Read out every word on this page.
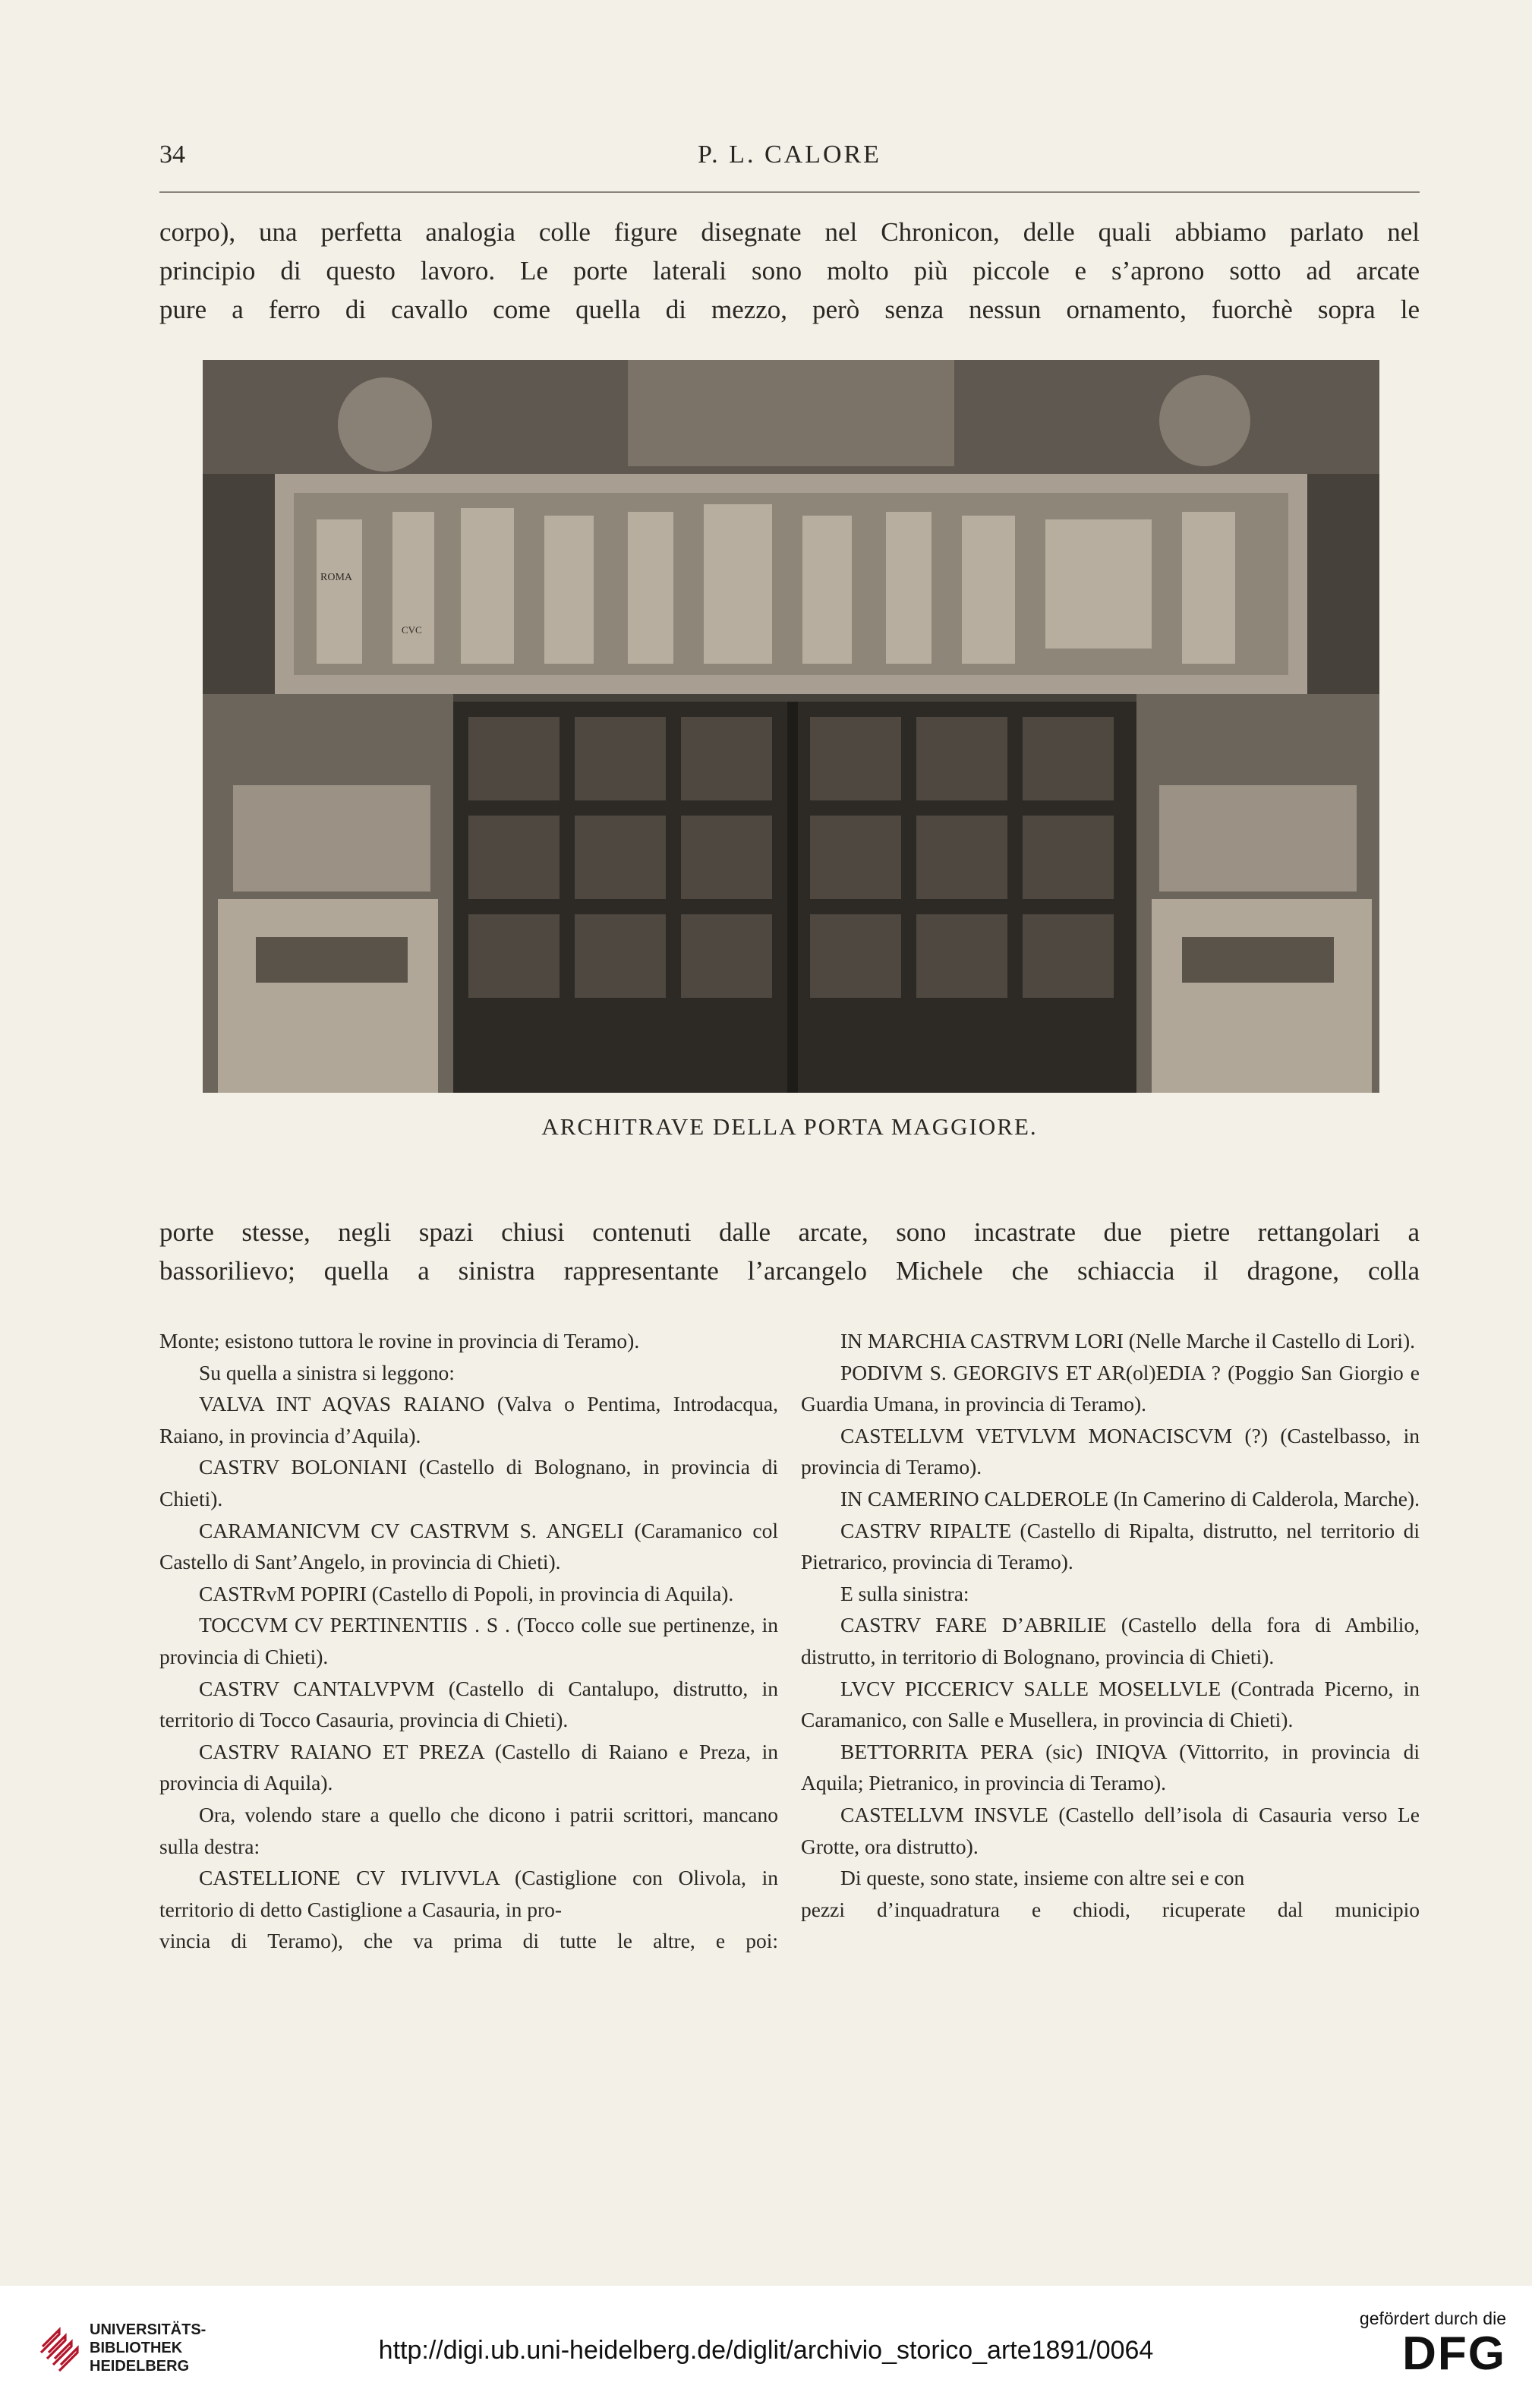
34	P. L. CALORE
corpo), una perfetta analogia colle figure disegnate nel Chronicon, delle quali abbiamo parlato nel
principio di questo lavoro. Le porte laterali sono molto più piccole e s’aprono sotto ad arcate
pure a ferro di cavallo come quella di mezzo, però senza nessun ornamento, fuorchè sopra le
ROMA
CVC
ARCHITRAVE DELLA PORTA MAGGIORE.
porte stesse, negli spazi chiusi contenuti dalle arcate, sono incastrate due pietre rettangolari a
bassorilievo; quella a sinistra rappresentante l’arcangelo Michele che schiaccia il dragone, colla

Monte; esistono tuttora le rovine in provincia di Teramo).

Su quella a sinistra si leggono:

VALVA INT AQVAS RAIANO (Valva o Pentima, Introdacqua, Raiano, in provincia d’Aquila).

CASTRV BOLONIANI (Castello di Bolognano, in provincia di Chieti).

CARAMANICVM CV CASTRVM S. ANGELI (Caramanico col Castello di Sant’Angelo, in provincia di Chieti).

CASTRvM POPIRI (Castello di Popoli, in provincia di Aquila).

TOCCVM CV PERTINENTIIS . S . (Tocco colle sue pertinenze, in provincia di Chieti).

CASTRV CANTALVPVM (Castello di Cantalupo, distrutto, in territorio di Tocco Casauria, provincia di Chieti).

CASTRV RAIANO ET PREZA (Castello di Raiano e Preza, in provincia di Aquila).

Ora, volendo stare a quello che dicono i patrii scrittori, mancano sulla destra:

CASTELLIONE CV IVLIVVLA (Castiglione con Olivola, in territorio di detto Castiglione a Casauria, in pro-

vincia di Teramo), che va prima di tutte le altre, e poi:

IN MARCHIA CASTRVM LORI (Nelle Marche il Castello di Lori).

PODIVM S. GEORGIVS ET AR(ol)EDIA ? (Poggio San Giorgio e Guardia Umana, in provincia di Teramo).

CASTELLVM VETVLVM MONACISCVM (?) (Castelbasso, in provincia di Teramo).

IN CAMERINO CALDEROLE (In Camerino di Calderola, Marche).

CASTRV RIPALTE (Castello di Ripalta, distrutto, nel territorio di Pietrarico, provincia di Teramo).

E sulla sinistra:

CASTRV FARE D’ABRILIE (Castello della fora di Ambilio, distrutto, in territorio di Bolognano, provincia di Chieti).

LVCV PICCERICV SALLE MOSELLVLE (Contrada Picerno, in Caramanico, con Salle e Musellera, in provincia di Chieti).

BETTORRITA PERA (sic) INIQVA (Vittorrito, in provincia di Aquila; Pietranico, in provincia di Teramo).

CASTELLVM INSVLE (Castello dell’isola di Casauria verso Le Grotte, ora distrutto).

Di queste, sono state, insieme con altre sei e con

pezzi d’inquadratura e chiodi, ricuperate dal municipio

UNIVERSITÄTS-
BIBLIOTHEK
HEIDELBERG
http://digi.ub.uni-heidelberg.de/diglit/archivio_storico_arte1891/0064
gefördert durch die
DFG
